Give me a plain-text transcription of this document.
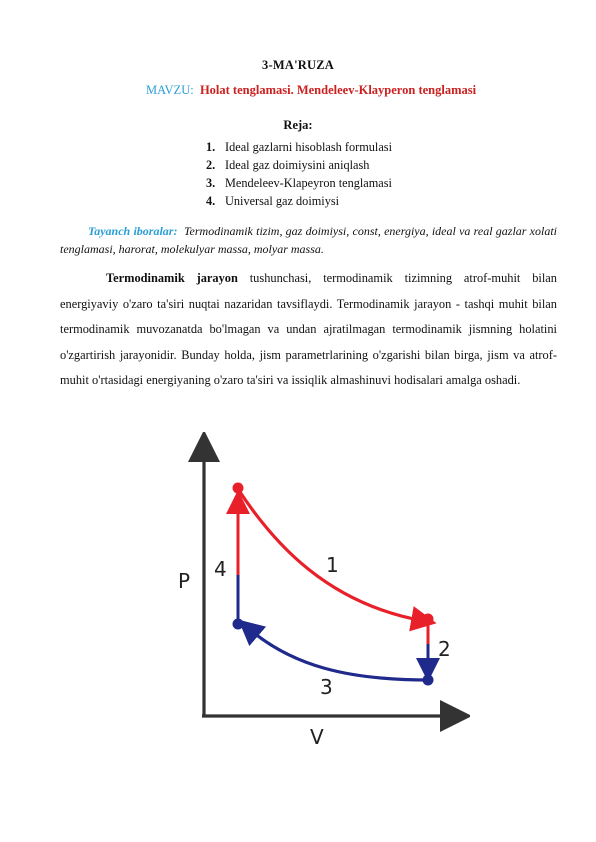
3-MA'RUZA
MAVZU: Holat tenglamasi. Mendeleev-Klayperon tenglamasi
Reja:
1. Ideal gazlarni hisoblash formulasi
2. Ideal gaz doimiysini aniqlash
3. Mendeleev-Klapeyron tenglamasi
4. Universal gaz doimiysi
Tayanch iboralar: Termodinamik tizim, gaz doimiysi, const, energiya, ideal va real gazlar xolati tenglamasi, harorat, molekulyar massa, molyar massa.
Termodinamik jarayon tushunchasi, termodinamik tizimning atrof-muhit bilan energiyaviy o'zaro ta'siri nuqtai nazaridan tavsiflaydi. Termodinamik jarayon - tashqi muhit bilan termodinamik muvozanatda bo'lmagan va undan ajratilmagan termodinamik jismning holatini o'zgartirish jarayonidir. Bunday holda, jism parametrlarining o'zgarishi bilan birga, jism va atrof-muhit o'rtasidagi energiyaning o'zaro ta'siri va issiqlik almashinuvi hodisalari amalga oshadi.
P
V
1
2
3
4
